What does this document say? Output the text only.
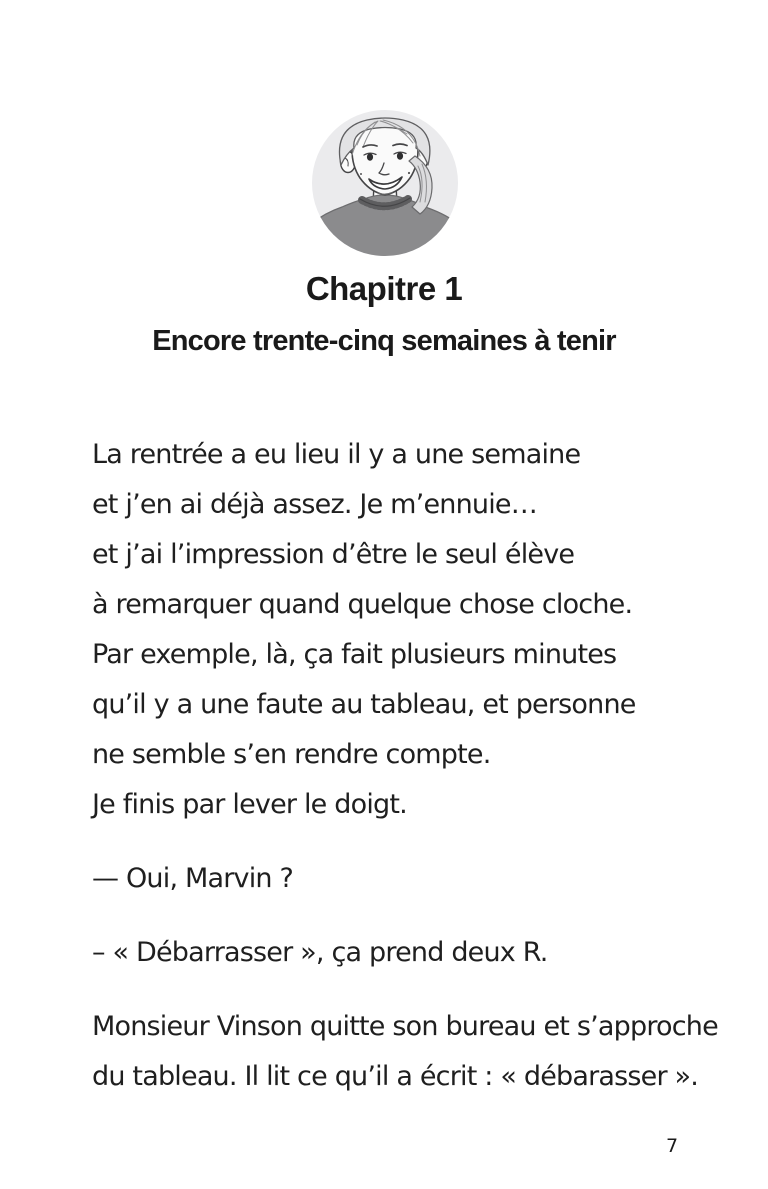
Chapitre 1
Encore trente-cinq semaines à tenir

La rentrée a eu lieu il y a une semaine
et j’en ai déjà assez. Je m’ennuie…
et j’ai l’impression d’être le seul élève
à remarquer quand quelque chose cloche.
Par exemple, là, ça fait plusieurs minutes
qu’il y a une faute au tableau, et personne
ne semble s’en rendre compte.
Je finis par lever le doigt.

— Oui, Marvin ?

– « Débarrasser », ça prend deux R.

Monsieur Vinson quitte son bureau et s’approche
du tableau. Il lit ce qu’il a écrit : « débarasser ».

7
